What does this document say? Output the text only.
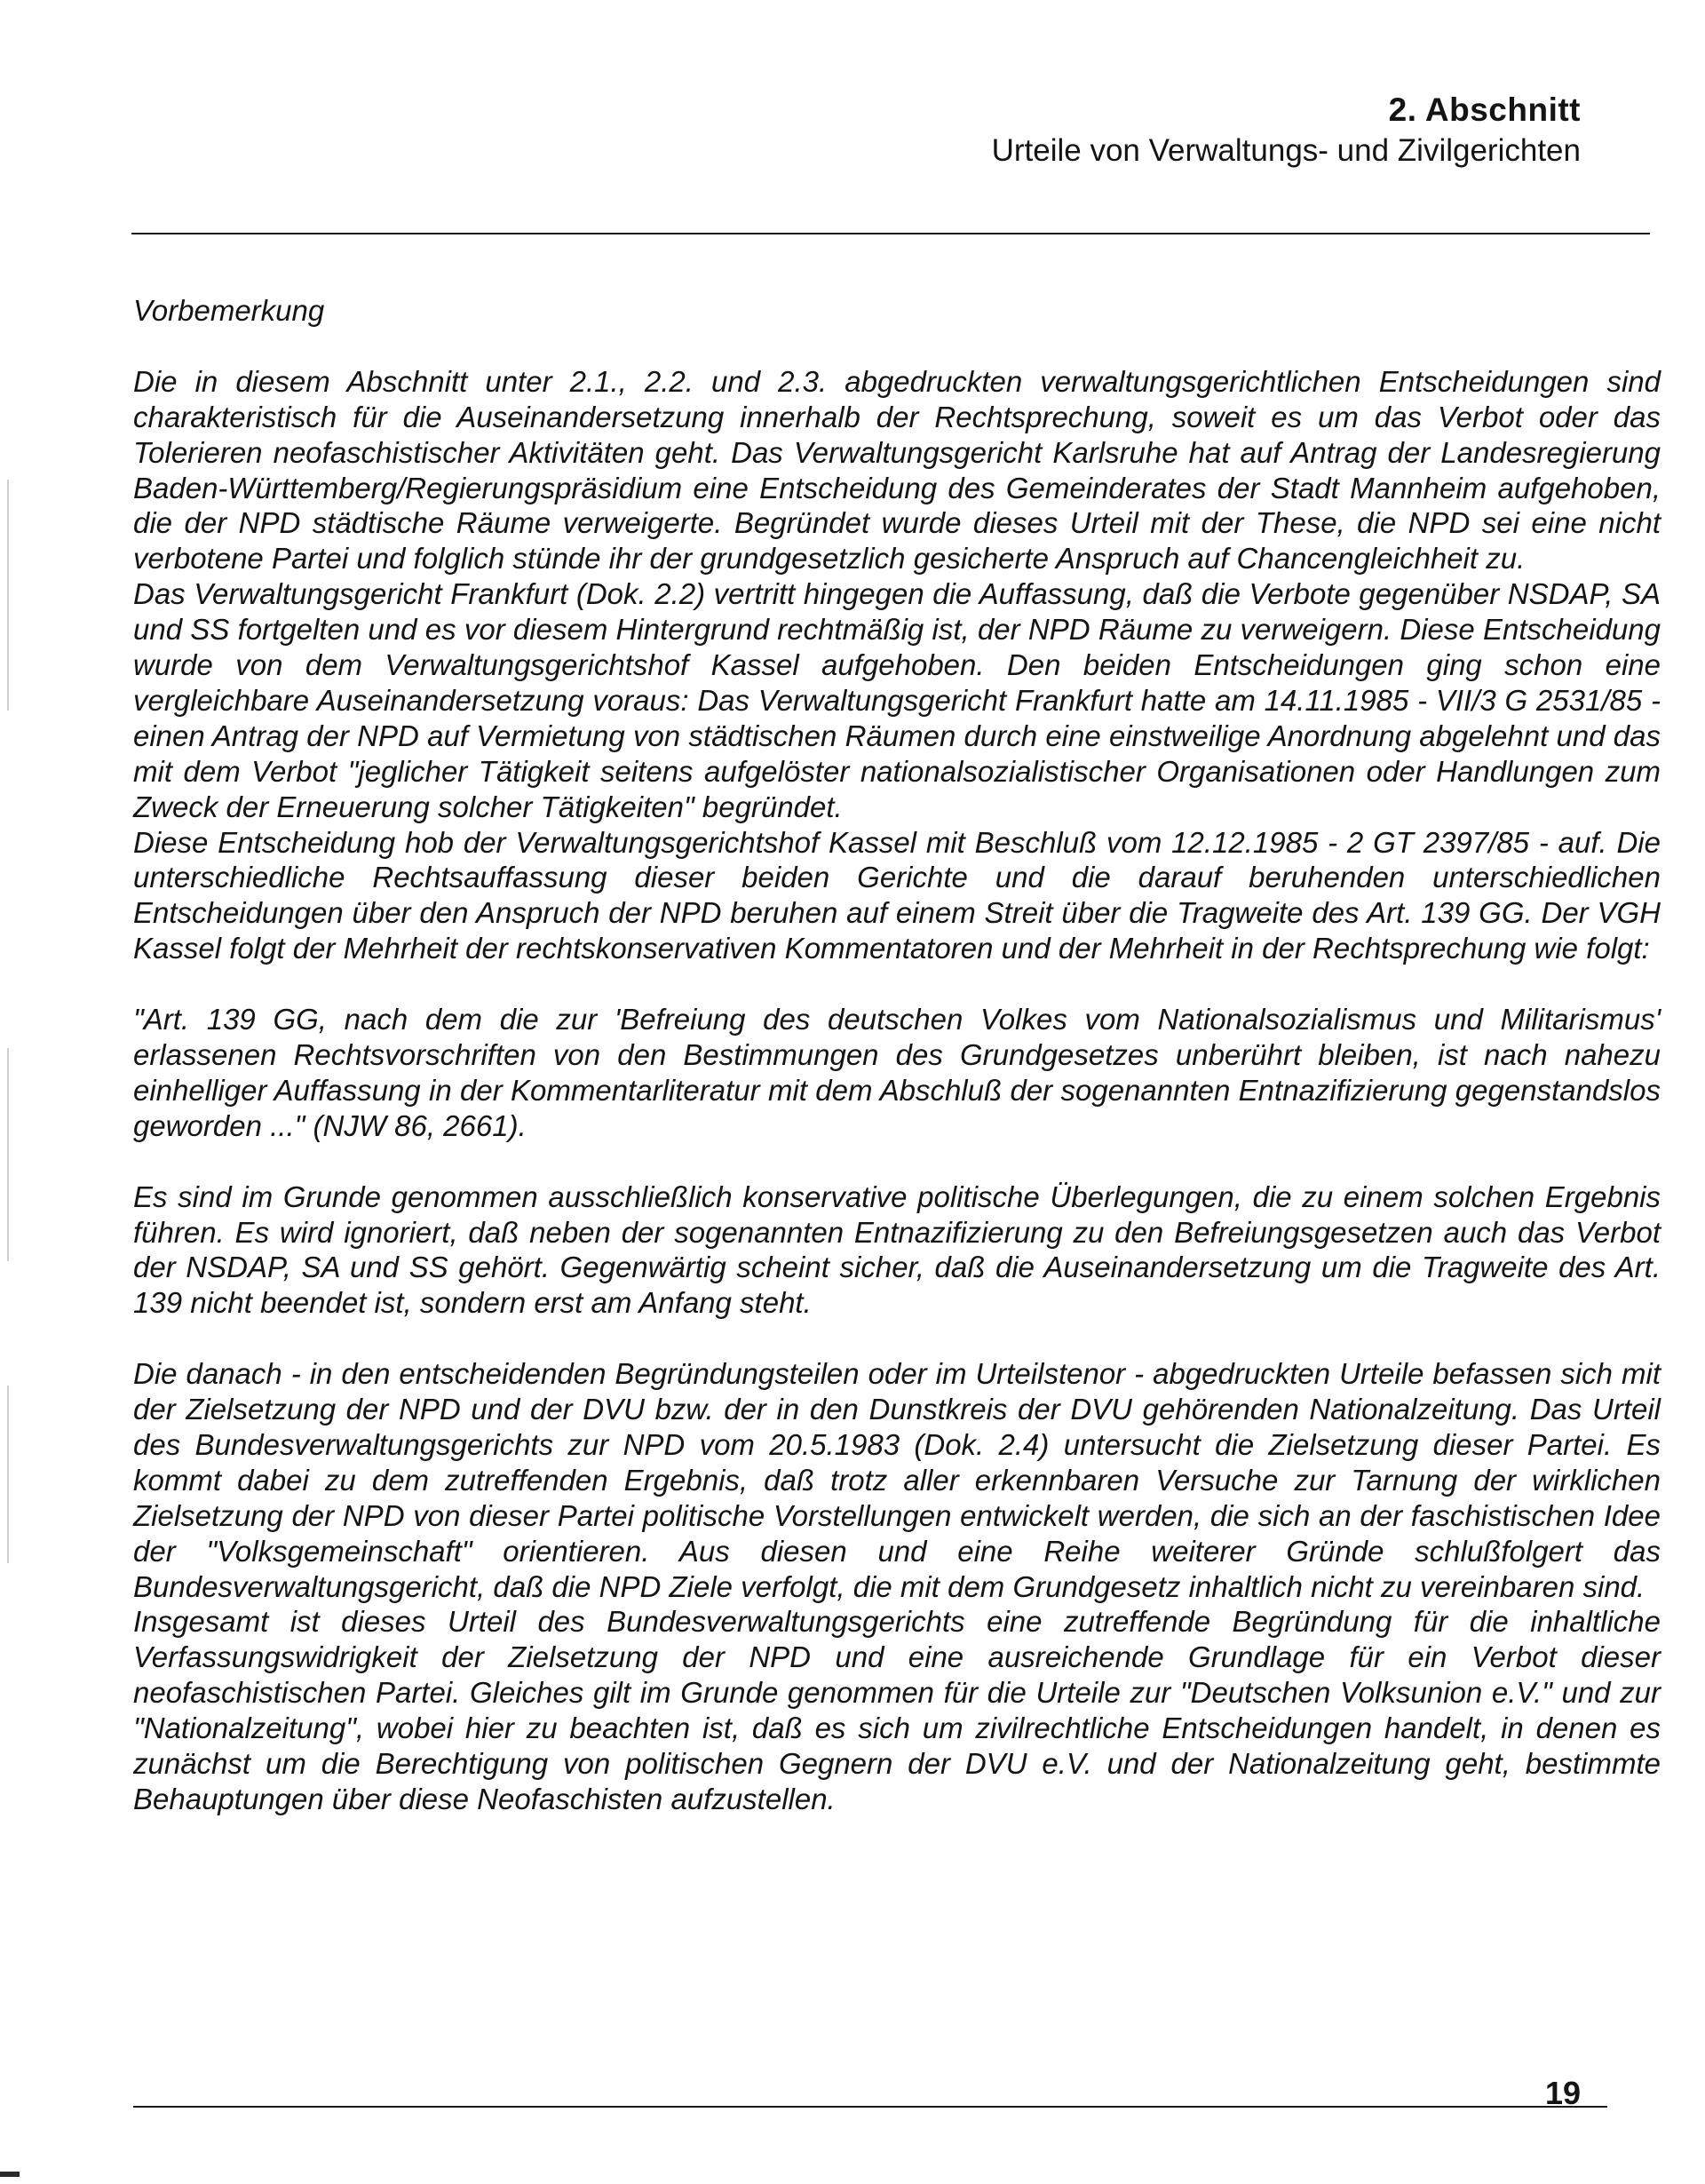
2. Abschnitt
Urteile von Verwaltungs- und Zivilgerichten

Vorbemerkung

Die in diesem Abschnitt unter 2.1., 2.2. und 2.3. abgedruckten verwaltungsgerichtlichen Entscheidungen sind charakteristisch für die Auseinandersetzung innerhalb der Rechtsprechung, soweit es um das Verbot oder das Tolerieren neofaschistischer Aktivitäten geht. Das Verwaltungsgericht Karlsruhe hat auf Antrag der Landesregierung Baden-Württemberg/Regierungspräsidium eine Entscheidung des Gemeinderates der Stadt Mannheim aufgehoben, die der NPD städtische Räume verweigerte. Begründet wurde dieses Urteil mit der These, die NPD sei eine nicht verbotene Partei und folglich stünde ihr der grundgesetzlich gesicherte Anspruch auf Chancengleichheit zu.

Das Verwaltungsgericht Frankfurt (Dok. 2.2) vertritt hingegen die Auffassung, daß die Verbote gegenüber NSDAP, SA und SS fortgelten und es vor diesem Hintergrund rechtmäßig ist, der NPD Räume zu verweigern. Diese Entscheidung wurde von dem Verwaltungsgerichtshof Kassel aufgehoben. Den beiden Entscheidungen ging schon eine vergleichbare Auseinandersetzung voraus: Das Verwaltungsgericht Frankfurt hatte am 14.11.1985 - VII/3 G 2531/85 - einen Antrag der NPD auf Vermietung von städtischen Räumen durch eine einstweilige Anordnung abgelehnt und das mit dem Verbot "jeglicher Tätigkeit seitens aufgelöster nationalsozialistischer Organisationen oder Handlungen zum Zweck der Erneuerung solcher Tätigkeiten" begründet.

Diese Entscheidung hob der Verwaltungsgerichtshof Kassel mit Beschluß vom 12.12.1985 - 2 GT 2397/85 - auf. Die unterschiedliche Rechtsauffassung dieser beiden Gerichte und die darauf beruhenden unterschiedlichen Entscheidungen über den Anspruch der NPD beruhen auf einem Streit über die Tragweite des Art. 139 GG. Der VGH Kassel folgt der Mehrheit der rechtskonservativen Kommentatoren und der Mehrheit in der Rechtsprechung wie folgt:

"Art. 139 GG, nach dem die zur 'Befreiung des deutschen Volkes vom Nationalsozialismus und Militarismus' erlassenen Rechtsvorschriften von den Bestimmungen des Grundgesetzes unberührt bleiben, ist nach nahezu einhelliger Auffassung in der Kommentarliteratur mit dem Abschluß der sogenannten Entnazifizierung gegenstandslos geworden ..." (NJW 86, 2661).

Es sind im Grunde genommen ausschließlich konservative politische Überlegungen, die zu einem solchen Ergebnis führen. Es wird ignoriert, daß neben der sogenannten Entnazifizierung zu den Befreiungsgesetzen auch das Verbot der NSDAP, SA und SS gehört. Gegenwärtig scheint sicher, daß die Auseinandersetzung um die Tragweite des Art. 139 nicht beendet ist, sondern erst am Anfang steht.

Die danach - in den entscheidenden Begründungsteilen oder im Urteilstenor - abgedruckten Urteile befassen sich mit der Zielsetzung der NPD und der DVU bzw. der in den Dunstkreis der DVU gehörenden Nationalzeitung. Das Urteil des Bundesverwaltungsgerichts zur NPD vom 20.5.1983 (Dok. 2.4) untersucht die Zielsetzung dieser Partei. Es kommt dabei zu dem zutreffenden Ergebnis, daß trotz aller erkennbaren Versuche zur Tarnung der wirklichen Zielsetzung der NPD von dieser Partei politische Vorstellungen entwickelt werden, die sich an der faschistischen Idee der "Volksgemeinschaft" orientieren. Aus diesen und eine Reihe weiterer Gründe schlußfolgert das Bundesverwaltungsgericht, daß die NPD Ziele verfolgt, die mit dem Grundgesetz inhaltlich nicht zu vereinbaren sind.

Insgesamt ist dieses Urteil des Bundesverwaltungsgerichts eine zutreffende Begründung für die inhaltliche Verfassungswidrigkeit der Zielsetzung der NPD und eine ausreichende Grundlage für ein Verbot dieser neofaschistischen Partei. Gleiches gilt im Grunde genommen für die Urteile zur "Deutschen Volksunion e.V." und zur "Nationalzeitung", wobei hier zu beachten ist, daß es sich um zivilrechtliche Entscheidungen handelt, in denen es zunächst um die Berechtigung von politischen Gegnern der DVU e.V. und der Nationalzeitung geht, bestimmte Behauptungen über diese Neofaschisten aufzustellen.

19
